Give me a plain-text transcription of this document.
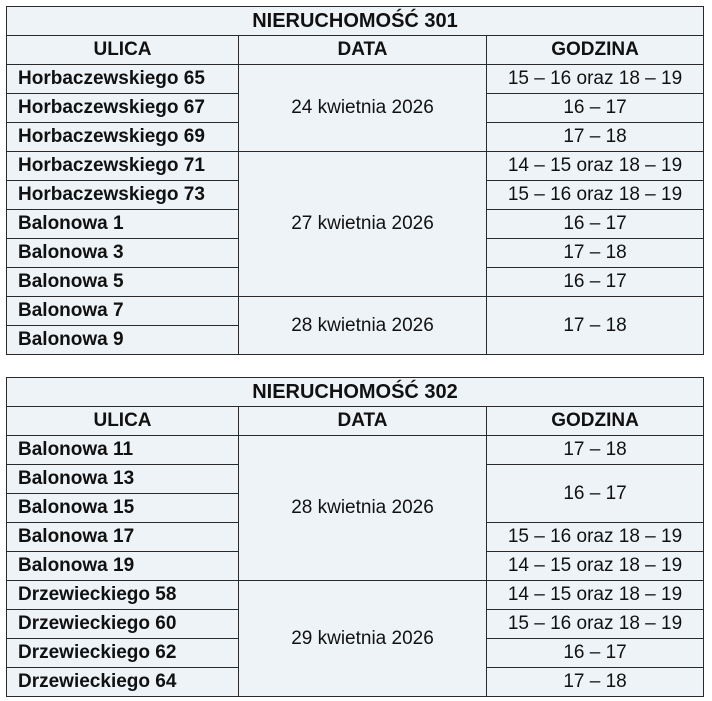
NIERUCHOMOŚĆ 301		
ULICA	DATA	GODZINA
Horbaczewskiego 65	24 kwietnia 2026	15 – 16 oraz 18 – 19
Horbaczewskiego 67		16 – 17
Horbaczewskiego 69		17 – 18
Horbaczewskiego 71	27 kwietnia 2026	14 – 15 oraz 18 – 19
Horbaczewskiego 73		15 – 16 oraz 18 – 19
Balonowa 1		16 – 17
Balonowa 3		17 – 18
Balonowa 5		16 – 17
Balonowa 7	28 kwietnia 2026	17 – 18
Balonowa 9		
NIERUCHOMOŚĆ 302		
ULICA	DATA	GODZINA
Balonowa 11	28 kwietnia 2026	17 – 18
Balonowa 13		16 – 17
Balonowa 15		
Balonowa 17		15 – 16 oraz 18 – 19
Balonowa 19		14 – 15 oraz 18 – 19
Drzewieckiego 58	29 kwietnia 2026	14 – 15 oraz 18 – 19
Drzewieckiego 60		15 – 16 oraz 18 – 19
Drzewieckiego 62		16 – 17
Drzewieckiego 64		17 – 18
